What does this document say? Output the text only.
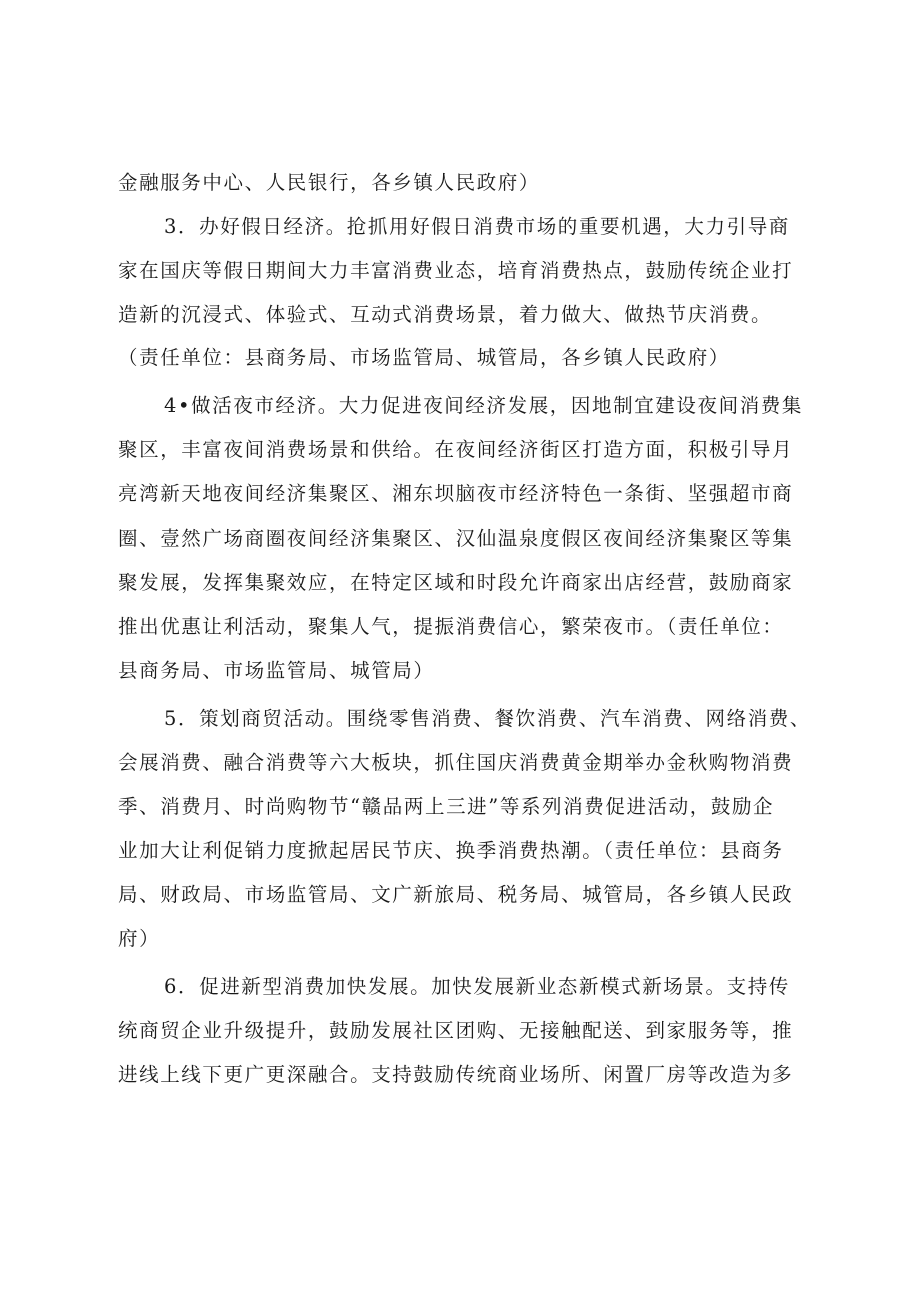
金融服务中心、人民银行，各乡镇人民政府）
3．办好假日经济。抢抓用好假日消费市场的重要机遇，大力引导商
家在国庆等假日期间大力丰富消费业态，培育消费热点，鼓励传统企业打
造新的沉浸式、体验式、互动式消费场景，着力做大、做热节庆消费。
（责任单位：县商务局、市场监管局、城管局，各乡镇人民政府）
4•做活夜市经济。大力促进夜间经济发展，因地制宜建设夜间消费集
聚区，丰富夜间消费场景和供给。在夜间经济街区打造方面，积极引导月
亮湾新天地夜间经济集聚区、湘东坝脑夜市经济特色一条街、坚强超市商
圈、壹然广场商圈夜间经济集聚区、汉仙温泉度假区夜间经济集聚区等集
聚发展，发挥集聚效应，在特定区域和时段允许商家出店经营，鼓励商家
推出优惠让利活动，聚集人气，提振消费信心，繁荣夜市。（责任单位：
县商务局、市场监管局、城管局）
5．策划商贸活动。围绕零售消费、餐饮消费、汽车消费、网络消费、
会展消费、融合消费等六大板块，抓住国庆消费黄金期举办金秋购物消费
季、消费月、时尚购物节“赣品两上三进”等系列消费促进活动，鼓励企
业加大让利促销力度掀起居民节庆、换季消费热潮。（责任单位：县商务
局、财政局、市场监管局、文广新旅局、税务局、城管局，各乡镇人民政
府）
6．促进新型消费加快发展。加快发展新业态新模式新场景。支持传
统商贸企业升级提升，鼓励发展社区团购、无接触配送、到家服务等，推
进线上线下更广更深融合。支持鼓励传统商业场所、闲置厂房等改造为多
